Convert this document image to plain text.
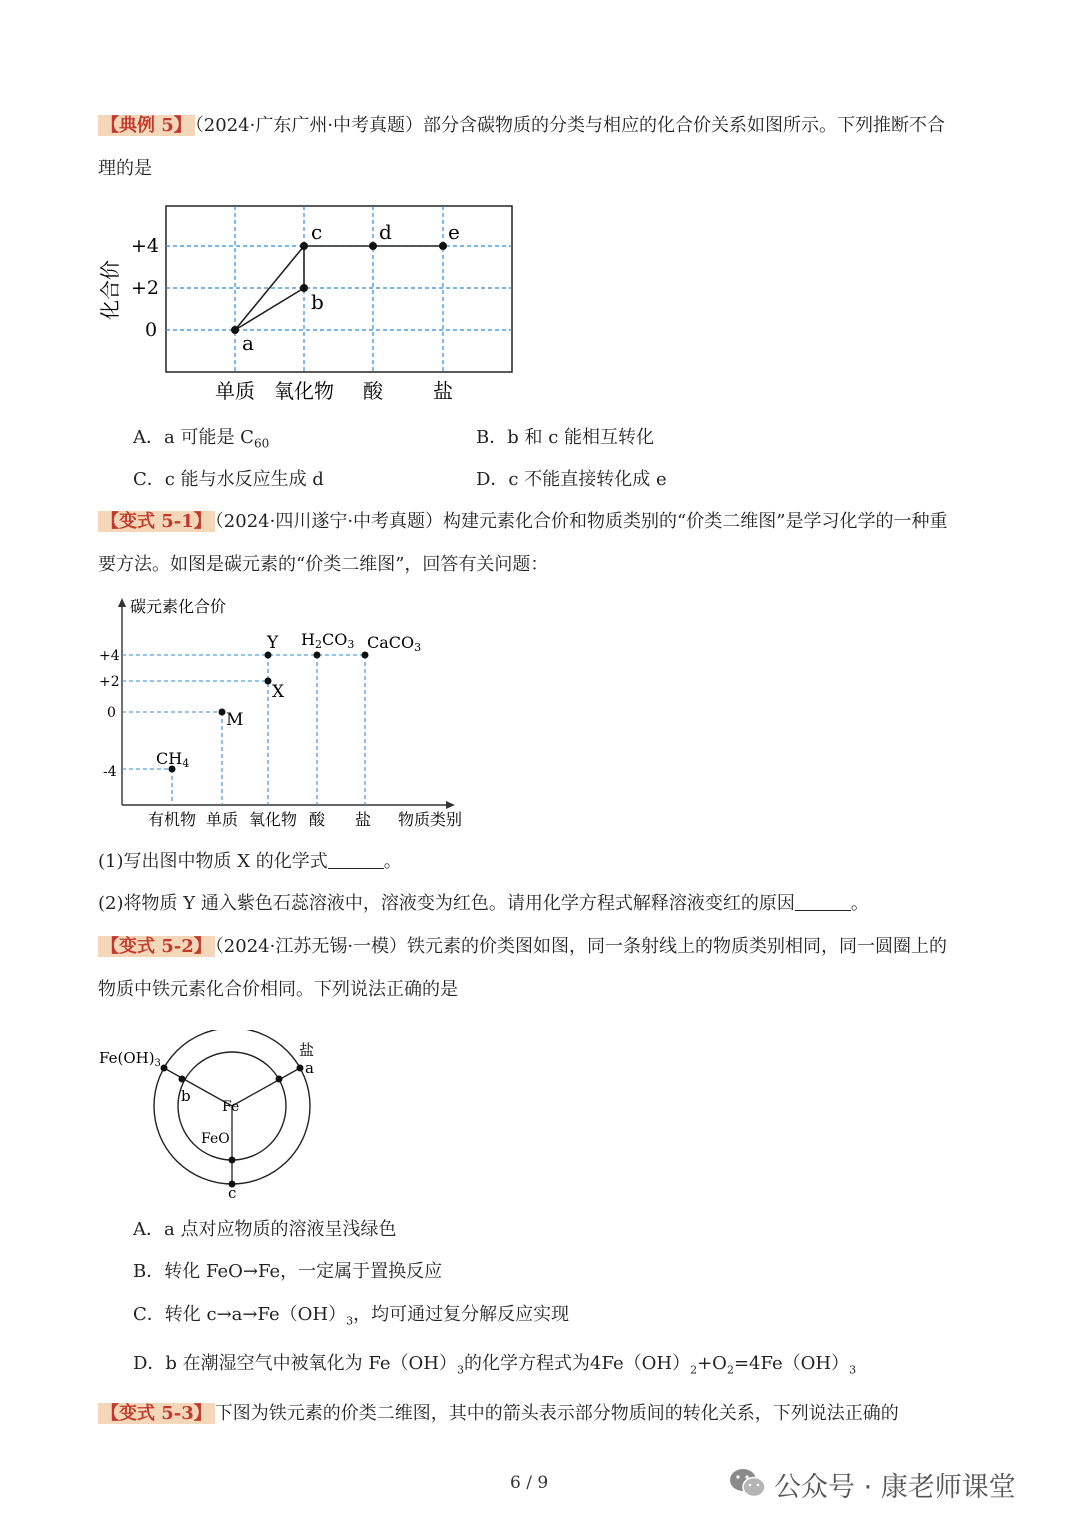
【典例 5】 （2024·广东广州·中考真题）部分含碳物质的分类与相应的化合价关系如图所示。下列推断不合
理的是
a
b
c	d	e
+4
+2
0
化合价
单质 氧化物 酸	盐
A．a 可能是 $C_{60}$	B．b 和 c 能相互转化
C．c 能与水反应生成 d	D．c 不能直接转化成 e
【变式 5-1】 （2024·四川遂宁·中考真题）构建元素化合价和物质类别的“价类二维图”是学习化学的一种重
要方法。如图是碳元素的“价类二维图”，回答有关问题：
碳元素化合价
+4
+2
0
-4
Y
X
M
CH4
H2CO3 CaCO3
有机物 单质 氧化物 酸 盐 物质类别
(1)写出图中物质 X 的化学式	。
(2)将物质 Y 通入紫色石蕊溶液中，溶液变为红色。请用化学方程式解释溶液变红的原因	。
【变式 5-2】 （2024·江苏无锡·一模）铁元素的价类图如图，同一条射线上的物质类别相同，同一圆圈上的
物质中铁元素化合价相同。下列说法正确的是
$Fe(OH)_3$
盐
a
b
Fe
FeO
c
A．a 点对应物质的溶液呈浅绿色
B．转化 FeO→Fe，一定属于置换反应
C．转化 $c\to a\to Fe(OH)_3$，均可通过复分解反应实现
D．b 在潮湿空气中被氧化为 $Fe(OH)_3$的化学方程式为$4Fe(OH)_2+O_2=4Fe(OH)_3$
【变式 5-3】 下图为铁元素的价类二维图，其中的箭头表示部分物质间的转化关系，下列说法正确的
6 / 9	公众号 · 康老师课堂
